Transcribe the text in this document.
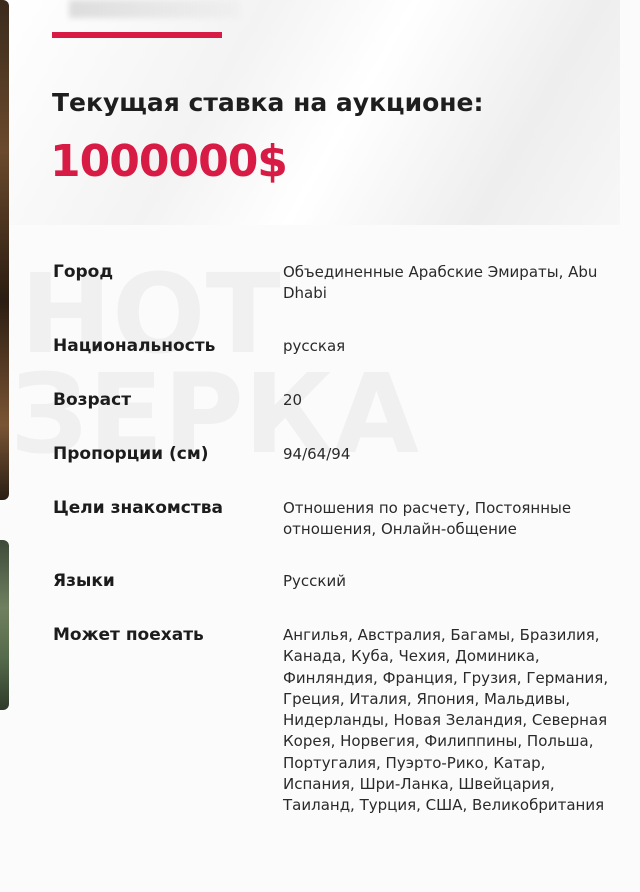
Текущая ставка на аукционе:
1000000$
Город	Объединенные Арабские Эмираты, Abu Dhabi
Национальность	русская
Возраст	20
Пропорции (см)	94/64/94
Цели знакомства	Отношения по расчету, Постоянные отношения, Онлайн-общение
Языки	Русский
Может поехать	Ангилья, Австралия, Багамы, Бразилия, Канада, Куба, Чехия, Доминика, Финляндия, Франция, Грузия, Германия, Греция, Италия, Япония, Мальдивы, Нидерланды, Новая Зеландия, Северная Корея, Норвегия, Филиппины, Польша, Португалия, Пуэрто-Рико, Катар, Испания, Шри-Ланка, Швейцария, Таиланд, Турция, США, Великобритания
